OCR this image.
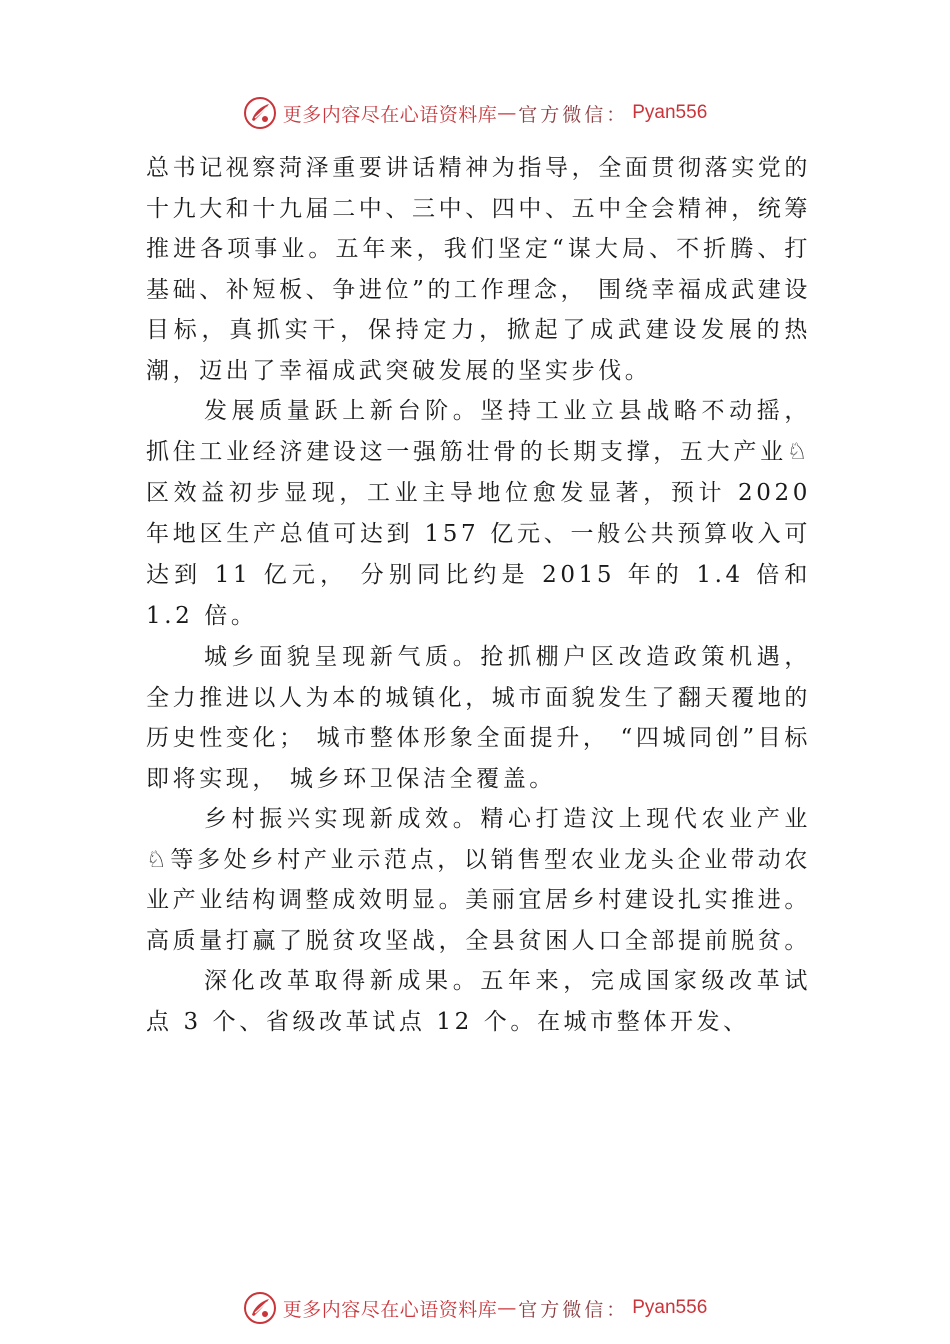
更多内容尽在心语资料库 — 官方微信： Pyan556

总书记视察菏泽重要讲话精神为指导，全面贯彻落实党的十九大和十九届二中、三中、四中、五中全会精神，统筹推进各项事业。五年来，我们坚定“谋大局、不折腾、打基础、补短板、争进位”的工作理念， 围绕幸福成武建设目标，真抓实干，保持定力，掀起了成武建设发展的热潮，迈出了幸福成武突破发展的坚实步伐。

发展质量跃上新台阶。坚持工业立县战略不动摇，抓住工业经济建设这一强筋壮骨的长期支撑，五大产业♘区效益初步显现，工业主导地位愈发显著，预计 2020 年地区生产总值可达到 157 亿元、一般公共预算收入可达到 11 亿元， 分别同比约是 2015 年的 1.4 倍和 1.2 倍。

城乡面貌呈现新气质。抢抓棚户区改造政策机遇，全力推进以人为本的城镇化，城市面貌发生了翻天覆地的历史性变化； 城市整体形象全面提升， “四城同创”目标即将实现， 城乡环卫保洁全覆盖。

乡村振兴实现新成效。精心打造汶上现代农业产业♘等多处乡村产业示范点，以销售型农业龙头企业带动农业产业结构调整成效明显。美丽宜居乡村建设扎实推进。高质量打赢了脱贫攻坚战，全县贫困人口全部提前脱贫。

深化改革取得新成果。五年来，完成国家级改革试点 3 个、省级改革试点 12 个。在城市整体开发、

更多内容尽在心语资料库 — 官方微信： Pyan556
